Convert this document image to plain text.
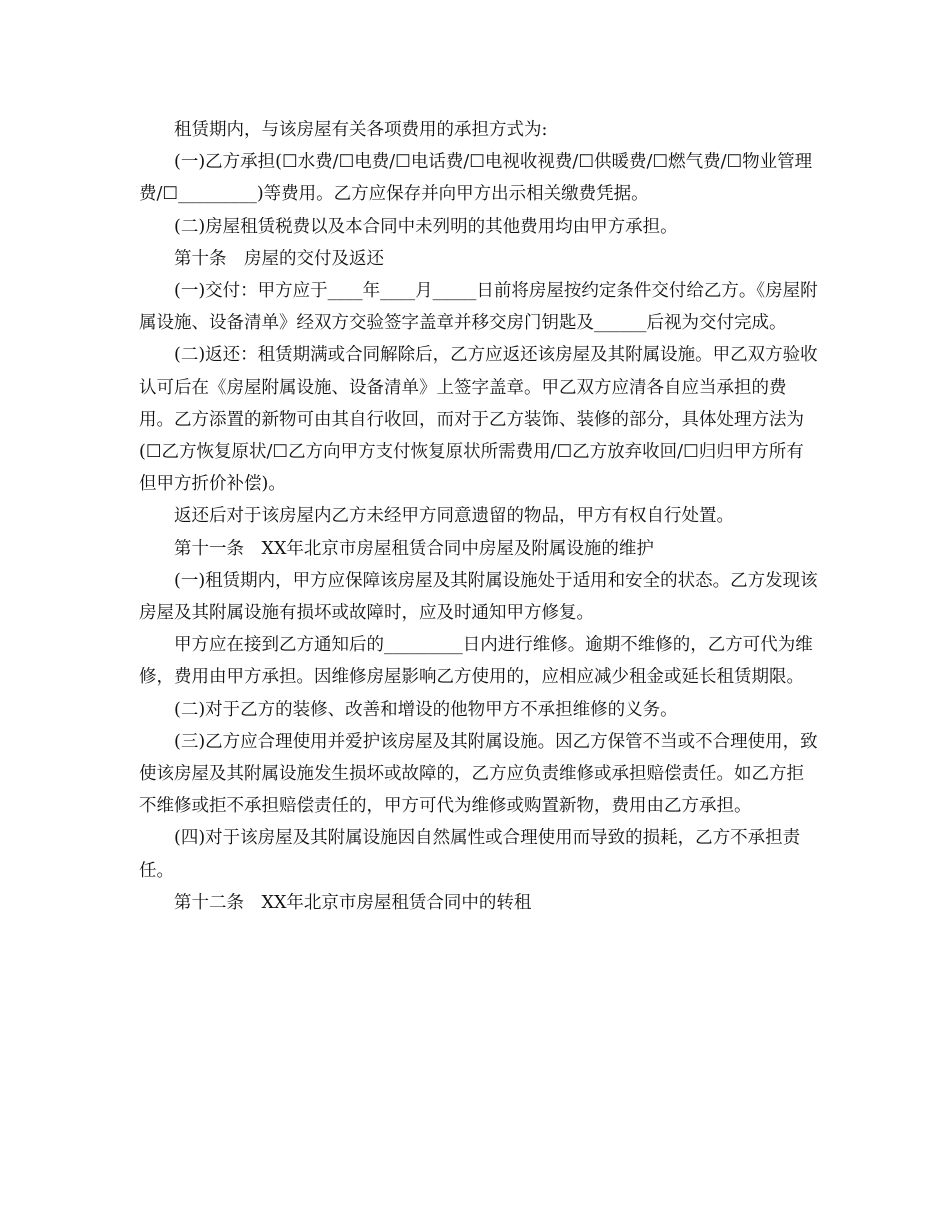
租赁期内，与该房屋有关各项费用的承担方式为:

(一)乙方承担(☐水费/☐电费/☐电话费/☐电视收视费/☐供暖费/☐燃气费/☐物业管理费/☐_________)等费用。乙方应保存并向甲方出示相关缴费凭据。

(二)房屋租赁税费以及本合同中未列明的其他费用均由甲方承担。

第十条　房屋的交付及返还

(一)交付：甲方应于____年____月_____日前将房屋按约定条件交付给乙方。《房屋附属设施、设备清单》经双方交验签字盖章并移交房门钥匙及______后视为交付完成。

(二)返还：租赁期满或合同解除后，乙方应返还该房屋及其附属设施。甲乙双方验收认可后在《房屋附属设施、设备清单》上签字盖章。甲乙双方应清各自应当承担的费用。乙方添置的新物可由其自行收回，而对于乙方装饰、装修的部分，具体处理方法为(☐乙方恢复原状/☐乙方向甲方支付恢复原状所需费用/☐乙方放弃收回/☐归归甲方所有但甲方折价补偿)。

返还后对于该房屋内乙方未经甲方同意遗留的物品，甲方有权自行处置。

第十一条　XX年北京市房屋租赁合同中房屋及附属设施的维护

(一)租赁期内，甲方应保障该房屋及其附属设施处于适用和安全的状态。乙方发现该房屋及其附属设施有损坏或故障时，应及时通知甲方修复。

甲方应在接到乙方通知后的_________日内进行维修。逾期不维修的，乙方可代为维修，费用由甲方承担。因维修房屋影响乙方使用的，应相应减少租金或延长租赁期限。

(二)对于乙方的装修、改善和增设的他物甲方不承担维修的义务。

(三)乙方应合理使用并爱护该房屋及其附属设施。因乙方保管不当或不合理使用，致使该房屋及其附属设施发生损坏或故障的，乙方应负责维修或承担赔偿责任。如乙方拒不维修或拒不承担赔偿责任的，甲方可代为维修或购置新物，费用由乙方承担。

(四)对于该房屋及其附属设施因自然属性或合理使用而导致的损耗，乙方不承担责任。

第十二条　XX年北京市房屋租赁合同中的转租
